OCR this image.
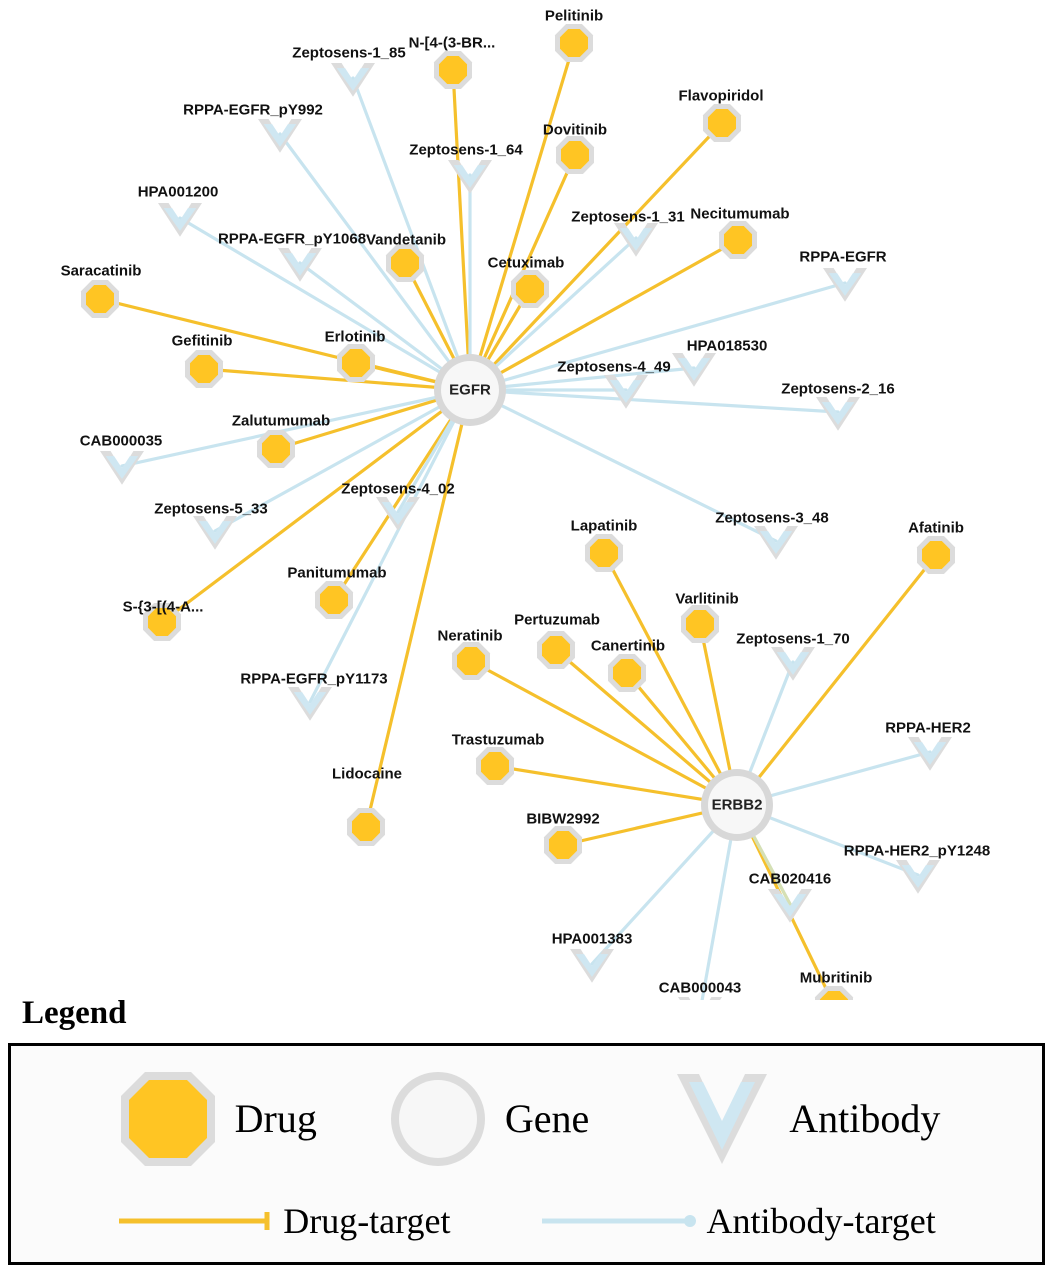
Zeptosens-1_85
RPPA-EGFR_pY992
Zeptosens-1_64
HPA001200
Zeptosens-1_31
RPPA-EGFR_pY1068
RPPA-EGFR
HPA018530
Zeptosens-4_49
Zeptosens-2_16
CAB000035
Zeptosens-4_02
Zeptosens-5_33
Zeptosens-3_48
RPPA-EGFR_pY1173
Zeptosens-1_70
RPPA-HER2
RPPA-HER2_pY1248
CAB020416
HPA001383
CAB000043
Pelitinib
N-[4-(3-BR...
Flavopiridol
Dovitinib
Necitumumab
Vandetanib
Cetuximab
Saracatinib
Gefitinib	Erlotinib
Zalutumumab
Afatinib
Lapatinib
Varlitinib
Panitumumab
S-{3-[(4-A...
Pertuzumab
Neratinib
Canertinib
Trastuzumab
Lidocaine
BIBW2992
Mubritinib
EGFR
ERBB2
Legend
Drug	Gene	Antibody
Drug-target	Antibody-target
